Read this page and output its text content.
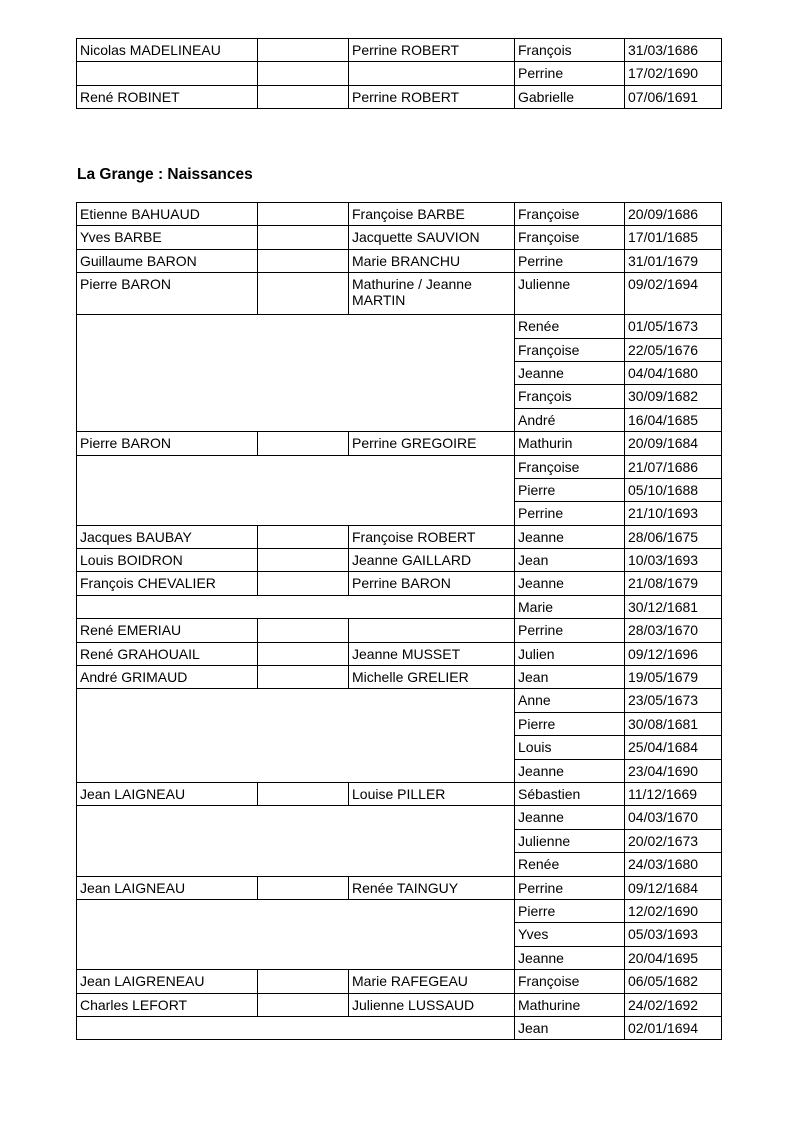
Nicolas MADELINEAU		Perrine ROBERT	François	31/03/1686
			Perrine	17/02/1690
René ROBINET		Perrine ROBERT	Gabrielle	07/06/1691
La Grange : Naissances
Etienne BAHUAUD		Françoise BARBE	Françoise	20/09/1686
Yves BARBE		Jacquette SAUVION	Françoise	17/01/1685
Guillaume BARON		Marie BRANCHU	Perrine	31/01/1679
Pierre BARON		Mathurine / Jeanne MARTIN	Julienne	09/02/1694
			Renée	01/05/1673
			Françoise	22/05/1676
			Jeanne	04/04/1680
			François	30/09/1682
			André	16/04/1685
Pierre BARON		Perrine GREGOIRE	Mathurin	20/09/1684
			Françoise	21/07/1686
			Pierre	05/10/1688
			Perrine	21/10/1693
Jacques BAUBAY		Françoise ROBERT	Jeanne	28/06/1675
Louis BOIDRON		Jeanne GAILLARD	Jean	10/03/1693
François CHEVALIER		Perrine BARON	Jeanne	21/08/1679
			Marie	30/12/1681
René EMERIAU			Perrine	28/03/1670
René GRAHOUAIL		Jeanne MUSSET	Julien	09/12/1696
André GRIMAUD		Michelle GRELIER	Jean	19/05/1679
			Anne	23/05/1673
			Pierre	30/08/1681
			Louis	25/04/1684
			Jeanne	23/04/1690
Jean LAIGNEAU		Louise PILLER	Sébastien	11/12/1669
			Jeanne	04/03/1670
			Julienne	20/02/1673
			Renée	24/03/1680
Jean LAIGNEAU		Renée TAINGUY	Perrine	09/12/1684
			Pierre	12/02/1690
			Yves	05/03/1693
			Jeanne	20/04/1695
Jean LAIGRENEAU		Marie RAFEGEAU	Françoise	06/05/1682
Charles LEFORT		Julienne LUSSAUD	Mathurine	24/02/1692
			Jean	02/01/1694
